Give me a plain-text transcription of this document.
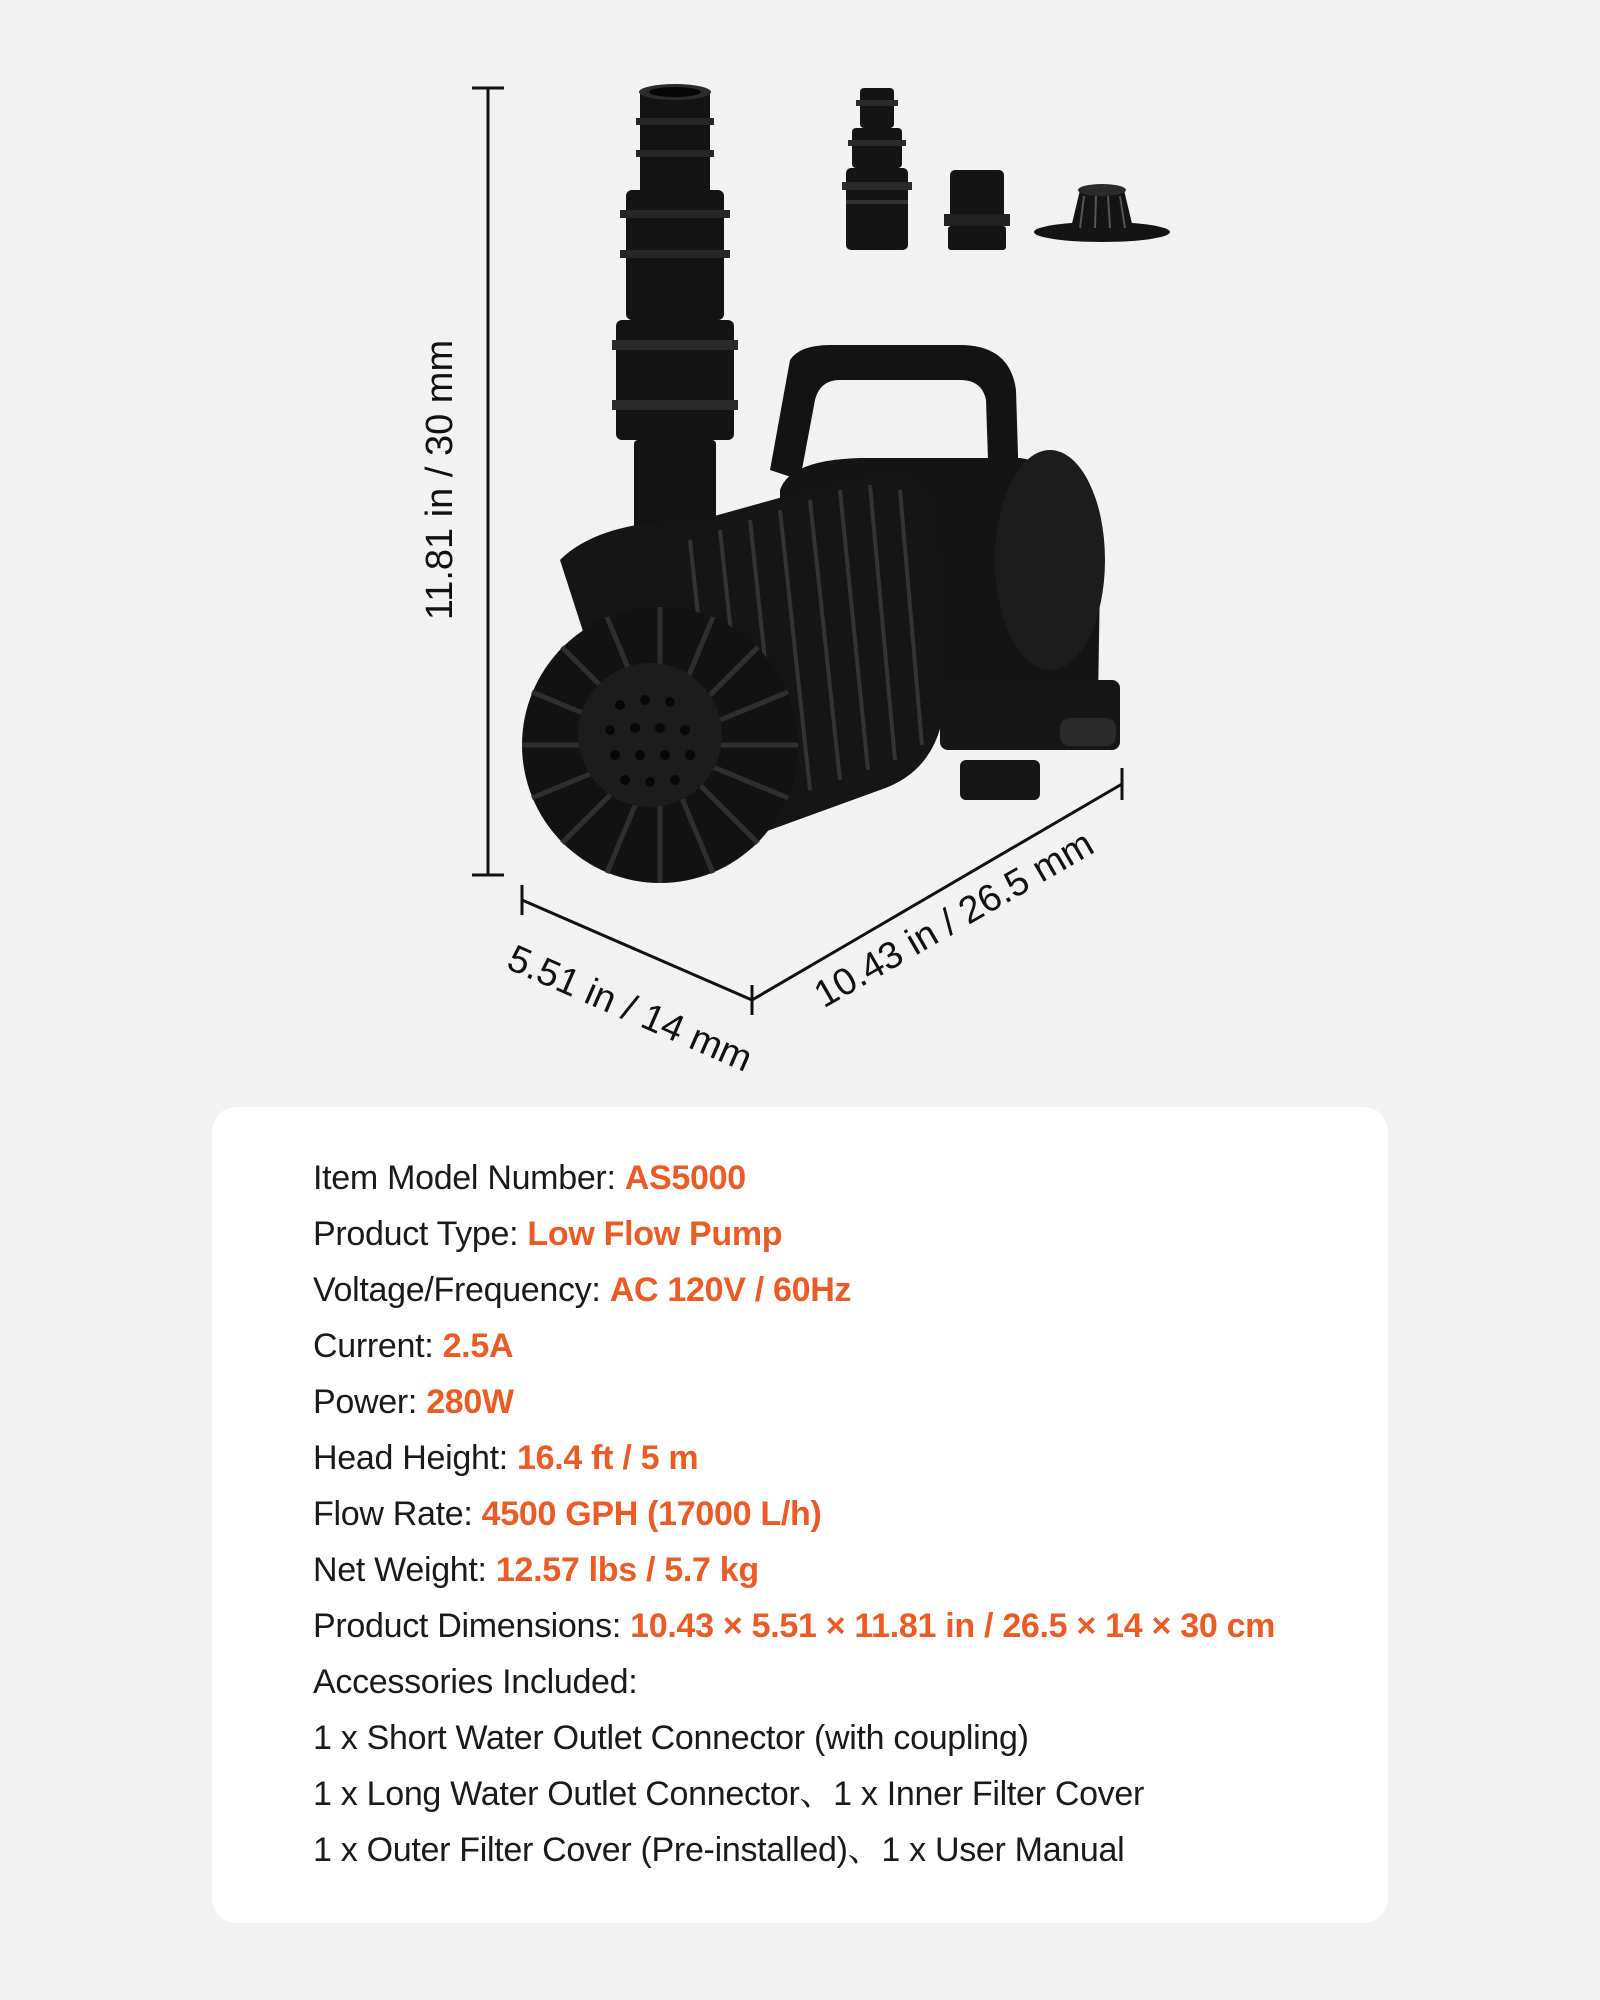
11.81 in / 30 mm
5.51 in / 14 mm 10.43 in / 26.5 mm
Item Model Number: AS5000
Product Type: Low Flow Pump
Voltage/Frequency: AC 120V / 60Hz
Current: 2.5A
Power: 280W
Head Height: 16.4 ft / 5 m
Flow Rate: 4500 GPH (17000 L/h)
Net Weight: 12.57 lbs / 5.7 kg
Product Dimensions: 10.43 × 5.51 × 11.81 in / 26.5 × 14 × 30 cm
Accessories Included:
1 x Short Water Outlet Connector (with coupling)
1 x Long Water Outlet Connector、1 x Inner Filter Cover
1 x Outer Filter Cover (Pre-installed)、1 x User Manual
